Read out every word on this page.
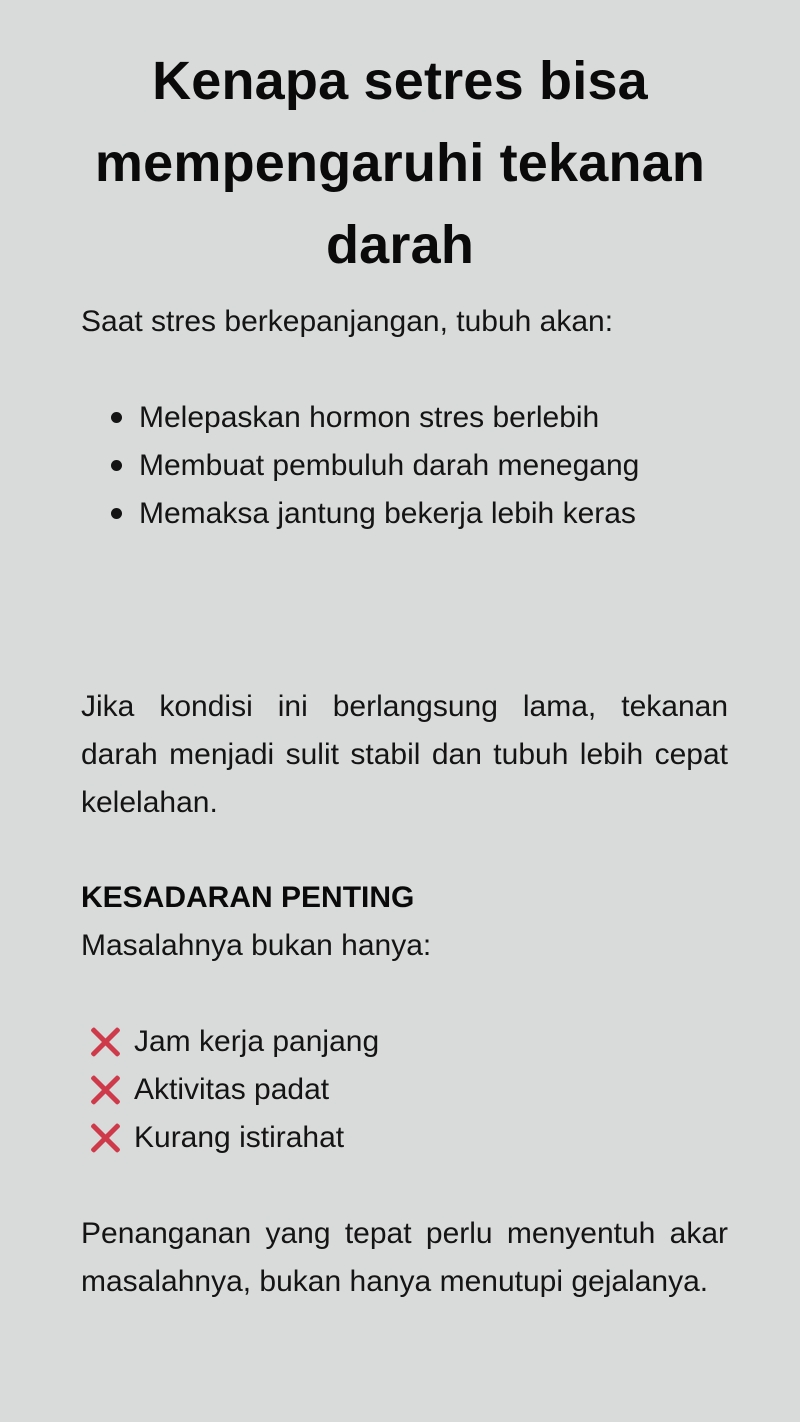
Kenapa setres bisa mempengaruhi tekanan darah

Saat stres berkepanjangan, tubuh akan:

Melepaskan hormon stres berlebih
Membuat pembuluh darah menegang
Memaksa jantung bekerja lebih keras

Jika kondisi ini berlangsung lama, tekanan darah menjadi sulit stabil dan tubuh lebih cepat kelelahan.

KESADARAN PENTING

Masalahnya bukan hanya:

Jam kerja panjang
Aktivitas padat
Kurang istirahat

Penanganan yang tepat perlu menyentuh akar masalahnya, bukan hanya menutupi gejalanya.
